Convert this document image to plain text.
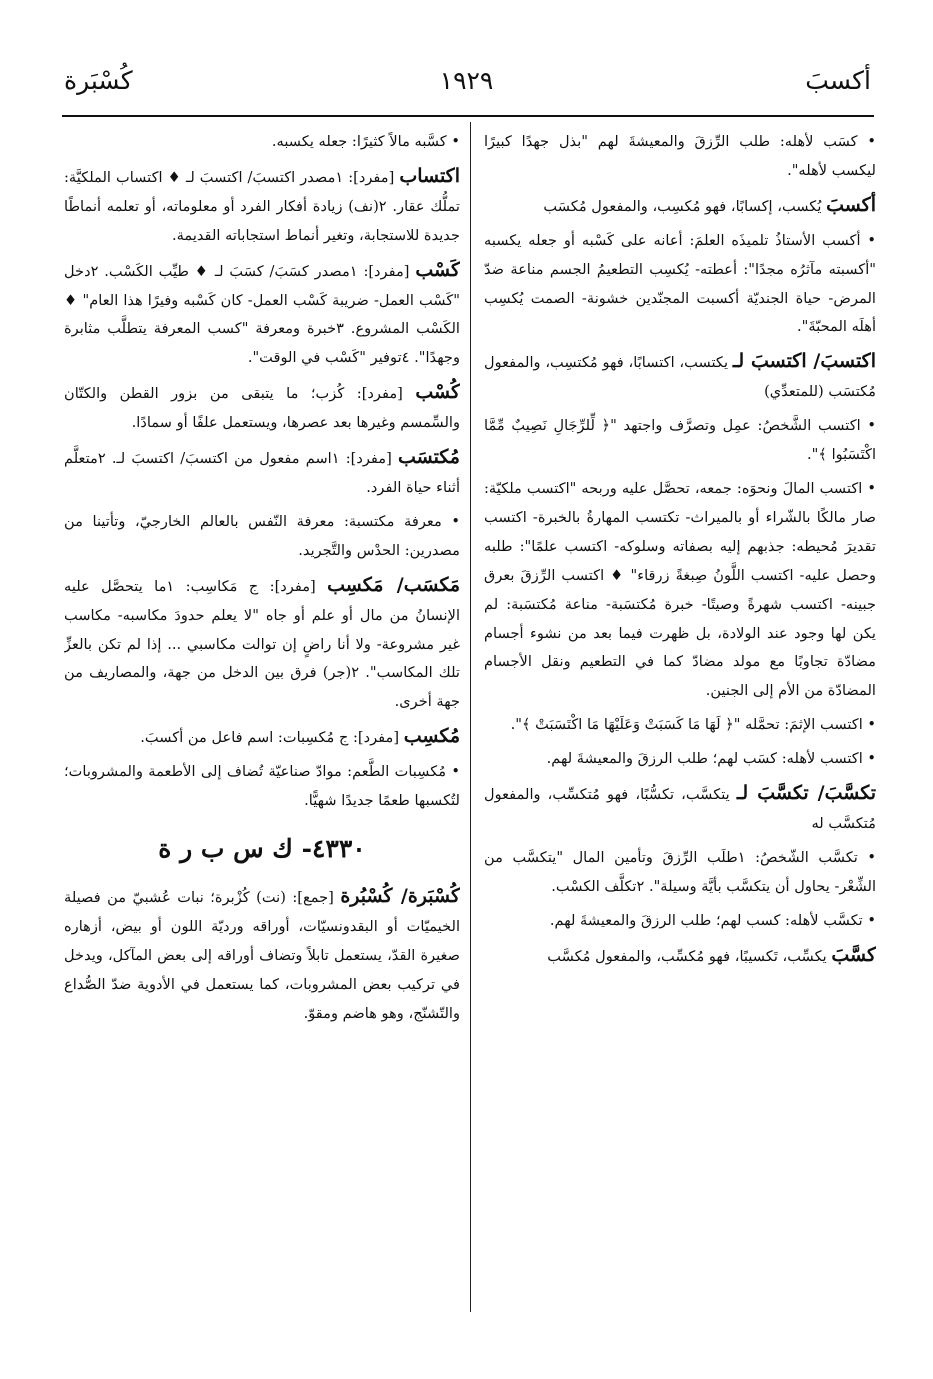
كُسْبَرة	١٩٢٩	أكسبَ

• كسَب لأهله: طلب الرِّزقَ والمعيشةَ لهم "بذل جهدًا كبيرًا ليكسب لأهله".

أكسبَ يُكسب، إكسابًا، فهو مُكسِب، والمفعول مُكسَب

• أكسب الأستاذُ تلميذَه العلمَ: أعانه على كَسْبه أو جعله يكسبه "أكسبته مآثرُه مجدًا": أعطته- يُكسِب التطعيمُ الجسم مناعة ضدّ المرض- حياة الجنديّة أكسبت المجنّدين خشونة- الصمت يُكسِب أهلَه المحبّةَ".

اكتسبَ/ اكتسبَ لـ يكتسب، اكتسابًا، فهو مُكتسِب، والمفعول مُكتسَب (للمتعدِّي)

• اكتسب الشَّخصُ: عمِل وتصرَّف واجتهد "﴿ لِّلرِّجَالِ نَصِيبٌ مِّمَّا اكْتَسَبُوا ﴾".

• اكتسب المالَ ونحوَه: جمعه، تحصَّل عليه وربحه "اكتسب ملكيّة: صار مالكًا بالشّراء أو بالميراث- تكتسب المهارةُ بالخبرة- اكتسب تقديرَ مُحيطه: جذبهم إليه بصفاته وسلوكه- اكتسب علمًا": طلبه وحصل عليه- اكتسب اللَّونُ صِبغةً زرقاء" ♦ اكتسب الرِّزقَ بعرق جبينه- اكتسب شهرةً وصيتًا- خبرة مُكتسَبة- مناعة مُكتسَبة: لم يكن لها وجود عند الولادة، بل ظهرت فيما بعد من نشوء أجسام مضادّة تجاوبًا مع مولد مضادّ كما في التطعيم ونقل الأجسام المضادّة من الأم إلى الجنين.

• اكتسب الإثمَ: تحمَّله "﴿ لَهَا مَا كَسَبَتْ وَعَلَيْهَا مَا اكْتَسَبَتْ ﴾".

• اكتسب لأهله: كسَب لهم؛ طلب الرزقَ والمعيشةَ لهم.

تكسَّبَ/ تكسَّبَ لـ يتكسَّب، تكسُّبًا، فهو مُتكسِّب، والمفعول مُتكسَّب له

• تكسَّب الشّخصُ: ١طلَب الرِّزقَ وتأمين المال "يتكسَّب من الشِّعْر- يحاول أن يتكسَّب بأيَّة وسيلة". ٢تكلَّف الكسْب.

• تكسَّب لأهله: كسب لهم؛ طلب الرزقَ والمعيشةَ لهم.

كسَّبَ يكسِّب، تَكسيبًا، فهو مُكسِّب، والمفعول مُكسَّب

• كسَّبه مالاً كثيرًا: جعله يكسبه.

اكتساب [مفرد]: ١مصدر اكتسبَ/ اكتسبَ لـ ♦ اكتساب الملكيَّة: تملُّك عقار. ٢(نف) زيادة أفكار الفرد أو معلوماته، أو تعلمه أنماطًا جديدة للاستجابة، وتغير أنماط استجاباته القديمة.

كَسْب [مفرد]: ١مصدر كسَبَ/ كسَبَ لـ ♦ طيِّب الكَسْب. ٢دخل "كَسْب العمل- ضريبة كَسْب العمل- كان كَسْبه وفيرًا هذا العام" ♦ الكَسْب المشروع. ٣خبرة ومعرفة "كسب المعرفة يتطلَّب مثابرة وجهدًا". ٤توفير "كَسْب في الوقت".

كُسْب [مفرد]: كُزب؛ ما يتبقى من بزور القطن والكتّان والسِّمسم وغيرها بعد عصرها، ويستعمل علفًا أو سمادًا.

مُكتسَب [مفرد]: ١اسم مفعول من اكتسبَ/ اكتسبَ لـ. ٢متعلَّم أثناء حياة الفرد.

• معرفة مكتسبة: معرفة النّفس بالعالم الخارجيّ، وتأتينا من مصدرين: الحدْس والتَّجريد.

مَكسَب/ مَكسِب [مفرد]: ج مَكاسِب: ١ما يتحصَّل عليه الإنسانُ من مال أو علم أو جاه "لا يعلم حدودَ مكاسبه- مكاسب غير مشروعة- ولا أنا راضٍ إن توالت مكاسبي ... إذا لم تكن بالعزِّ تلك المكاسب". ٢(جر) فرق بين الدخل من جهة، والمصاريف من جهة أخرى.

مُكسِب [مفرد]: ج مُكسِبات: اسم فاعل من أكسبَ.

• مُكسِبات الطَّعم: موادّ صناعيّة تُضاف إلى الأطعمة والمشروبات؛ لتُكسبها طعمًا جديدًا شهيًّا.

٤٣٣٠- ك س ب ر ة

كُسْبَرة/ كُسْبُرة [جمع]: (نت) كُزْبرة؛ نبات عُشبيّ من فصيلة الخيميّات أو البقدونسيّات، أوراقه ورديّة اللون أو بيض، أزهاره صغيرة القدّ، يستعمل تابلاً وتضاف أوراقه إلى بعض المآكل، ويدخل في تركيب بعض المشروبات، كما يستعمل في الأدوية ضدّ الصُّداع والتّشنّج، وهو هاضم ومقوّ.
